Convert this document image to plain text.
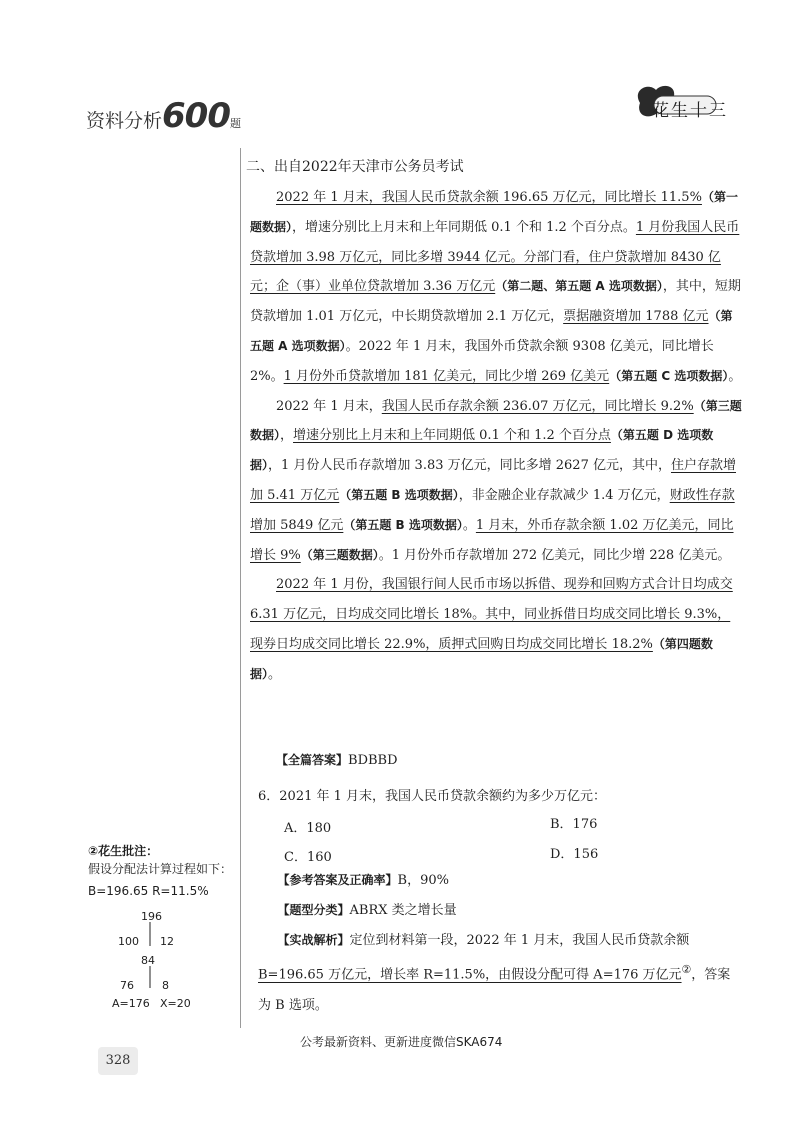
资料分析600题
花生十三
二、出自2022年天津市公务员考试

2022 年 1 月末，我国人民币贷款余额 196.65 万亿元，同比增长 11.5%（第一题数据），增速分别比上月末和上年同期低 0.1 个和 1.2 个百分点。1 月份我国人民币贷款增加 3.98 万亿元，同比多增 3944 亿元。分部门看，住户贷款增加 8430 亿元；企（事）业单位贷款增加 3.36 万亿元（第二题、第五题 A 选项数据），其中，短期贷款增加 1.01 万亿元，中长期贷款增加 2.1 万亿元，票据融资增加 1788 亿元（第五题 A 选项数据）。2022 年 1 月末，我国外币贷款余额 9308 亿美元，同比增长 2%。1 月份外币贷款增加 181 亿美元，同比少增 269 亿美元（第五题 C 选项数据）。

2022 年 1 月末，我国人民币存款余额 236.07 万亿元，同比增长 9.2%（第三题数据），增速分别比上月末和上年同期低 0.1 个和 1.2 个百分点（第五题 D 选项数据），1 月份人民币存款增加 3.83 万亿元，同比多增 2627 亿元，其中，住户存款增加 5.41 万亿元（第五题 B 选项数据），非金融企业存款减少 1.4 万亿元，财政性存款增加 5849 亿元（第五题 B 选项数据）。1 月末，外币存款余额 1.02 万亿美元，同比增长 9%（第三题数据）。1 月份外币存款增加 272 亿美元，同比少增 228 亿美元。

2022 年 1 月份，我国银行间人民币市场以拆借、现券和回购方式合计日均成交 6.31 万亿元，日均成交同比增长 18%。其中，同业拆借日均成交同比增长 9.3%，现券日均成交同比增长 22.9%，质押式回购日均成交同比增长 18.2%（第四题数据）。

【全篇答案】BDBBD
6．2021 年 1 月末，我国人民币贷款余额约为多少万亿元：
A．180	B．176
C．160	D．156

【参考答案及正确率】B，90%

【题型分类】ABRX 类之增长量

【实战解析】定位到材料第一段，2022 年 1 月末，我国人民币贷款余额 B=196.65 万亿元，增长率 R=11.5%，由假设分配可得 A=176 万亿元②，答案为 B 选项。

②花生批注：
假设分配法计算过程如下：
B=196.65 R=11.5%
196
100 12
84
76	8
A=176 X=20
公考最新资料、更新进度微信SKA674
328
